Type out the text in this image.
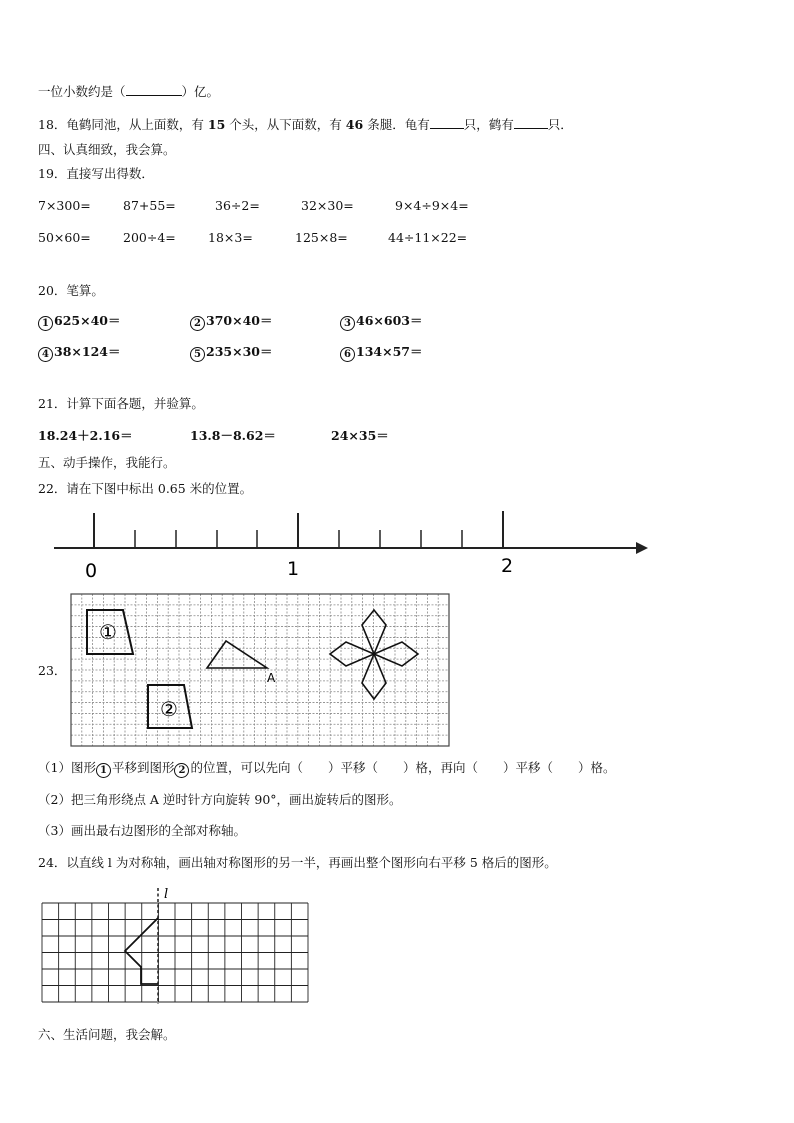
一位小数约是（	）亿。
18．龟鹤同池，从上面数，有 15 个头，从下面数，有 46 条腿．龟有	只，鹤有	只．
四、认真细致，我会算。
19．直接写出得数．
7×300=	87+55=	36÷2=	32×30=	9×4÷9×4=
50×60=	200÷4=	18×3=	125×8=	44÷11×22=
20．笔算。
1 625×40＝	2 370×40＝	3 46×603＝
4 38×124＝	5 235×30＝	6 134×57＝
21．计算下面各题，并验算。
18.24＋2.16＝	13.8－8.62＝	24×35＝
五、动手操作，我能行。
22．请在下图中标出 0.65 米的位置。
0	1	2
23．
①
②
A
（1）图形 1 平移到图形 2 的位置，可以先向（　　）平移（　　）格，再向（　　）平移（　　）格。
（2）把三角形绕点 A 逆时针方向旋转 90°，画出旋转后的图形。
（3）画出最右边图形的全部对称轴。
24．以直线 l 为对称轴，画出轴对称图形的另一半，再画出整个图形向右平移 5 格后的图形。
l
六、生活问题，我会解。
